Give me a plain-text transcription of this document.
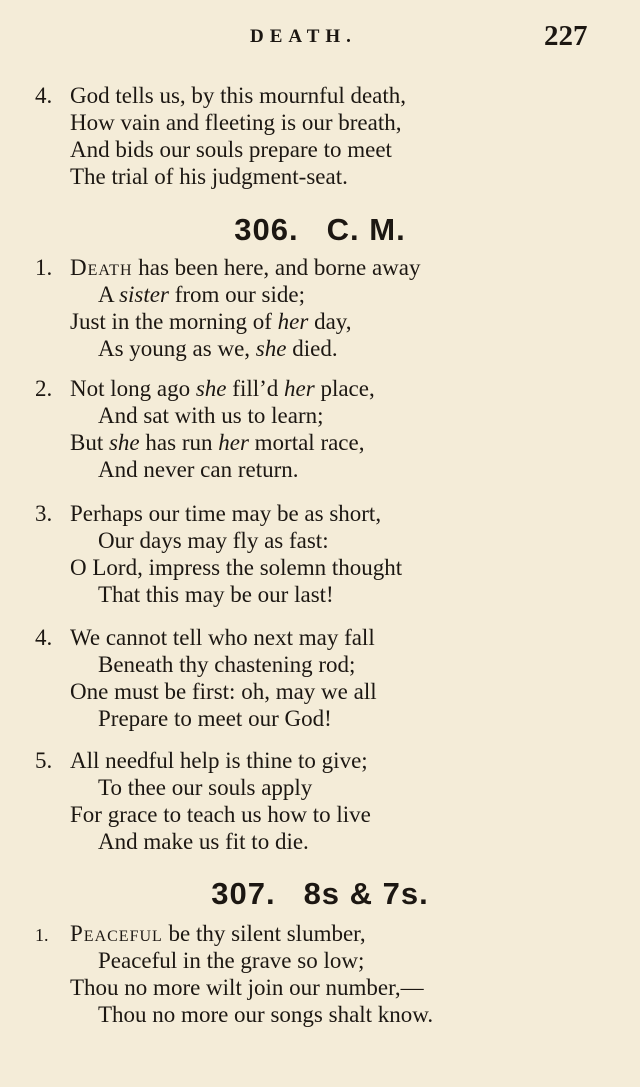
DEATH.	227
4. God tells us, by this mournful death,
How vain and fleeting is our breath,
And bids our souls prepare to meet
The trial of his judgment-seat.
306. C. M.
1. Death has been here, and borne away
A sister from our side;
Just in the morning of her day,
As young as we, she died.
2. Not long ago she fill’d her place,
And sat with us to learn;
But she has run her mortal race,
And never can return.
3. Perhaps our time may be as short,
Our days may fly as fast:
O Lord, impress the solemn thought
That this may be our last!
4. We cannot tell who next may fall
Beneath thy chastening rod;
One must be first: oh, may we all
Prepare to meet our God!
5. All needful help is thine to give;
To thee our souls apply
For grace to teach us how to live
And make us fit to die.
307. 8s & 7s.
1. Peaceful be thy silent slumber,
Peaceful in the grave so low;
Thou no more wilt join our number,—
Thou no more our songs shalt know.
